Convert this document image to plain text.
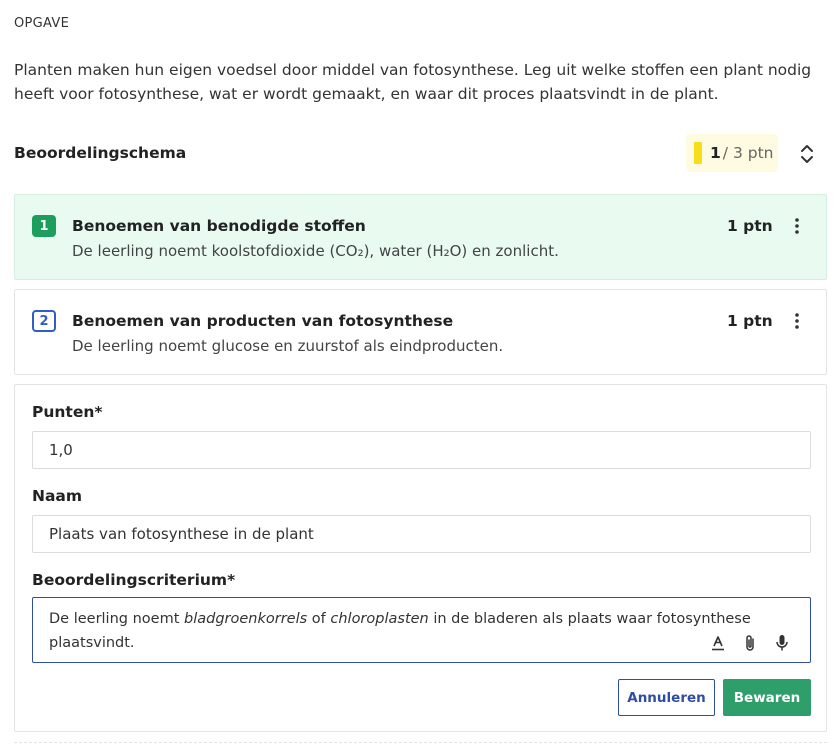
OPGAVE
Planten maken hun eigen voedsel door middel van fotosynthese. Leg uit welke stoffen een plant nodig heeft voor fotosynthese, wat er wordt gemaakt, en waar dit proces plaatsvindt in de plant.
Beoordelingschema	1 / 3 ptn
1	Benoemen van benodigde stoffen
De leerling noemt koolstofdioxide (CO₂), water (H₂O) en zonlicht.
1 ptn
2	Benoemen van producten van fotosynthese
De leerling noemt glucose en zuurstof als eindproducten.
1 ptn
Punten*
1,0
Naam
Plaats van fotosynthese in de plant
Beoordelingscriterium*
De leerling noemt bladgroenkorrels of chloroplasten in de bladeren als plaats waar fotosynthese plaatsvindt.
Annuleren	Bewaren
